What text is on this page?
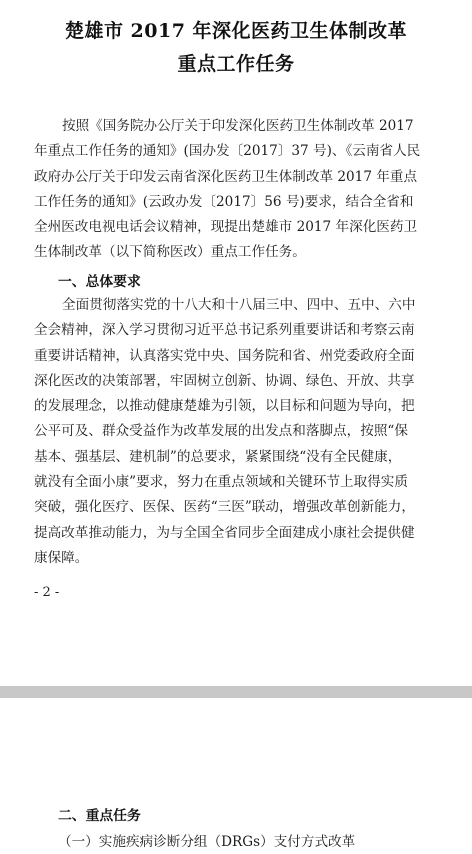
楚雄市 2017 年深化医药卫生体制改革
重点工作任务
按照《国务院办公厅关于印发深化医药卫生体制改革 2017
年重点工作任务的通知》(国办发〔2017〕37 号)、《云南省人民
政府办公厅关于印发云南省深化医药卫生体制改革 2017 年重点
工作任务的通知》(云政办发〔2017〕56 号)要求，结合全省和
全州医改电视电话会议精神，现提出楚雄市 2017 年深化医药卫
生体制改革（以下简称医改）重点工作任务。
一、总体要求
全面贯彻落实党的十八大和十八届三中、四中、五中、六中
全会精神，深入学习贯彻习近平总书记系列重要讲话和考察云南
重要讲话精神，认真落实党中央、国务院和省、州党委政府全面
深化医改的决策部署，牢固树立创新、协调、绿色、开放、共享
的发展理念，以推动健康楚雄为引领，以目标和问题为导向，把
公平可及、群众受益作为改革发展的出发点和落脚点，按照“保
基本、强基层、建机制”的总要求，紧紧围绕“没有全民健康，
就没有全面小康”要求，努力在重点领域和关键环节上取得实质
突破，强化医疗、医保、医药“三医”联动，增强改革创新能力，
提高改革推动能力，为与全国全省同步全面建成小康社会提供健
康保障。
- 2 -
二、重点任务
（一）实施疾病诊断分组（DRGs）支付方式改革
